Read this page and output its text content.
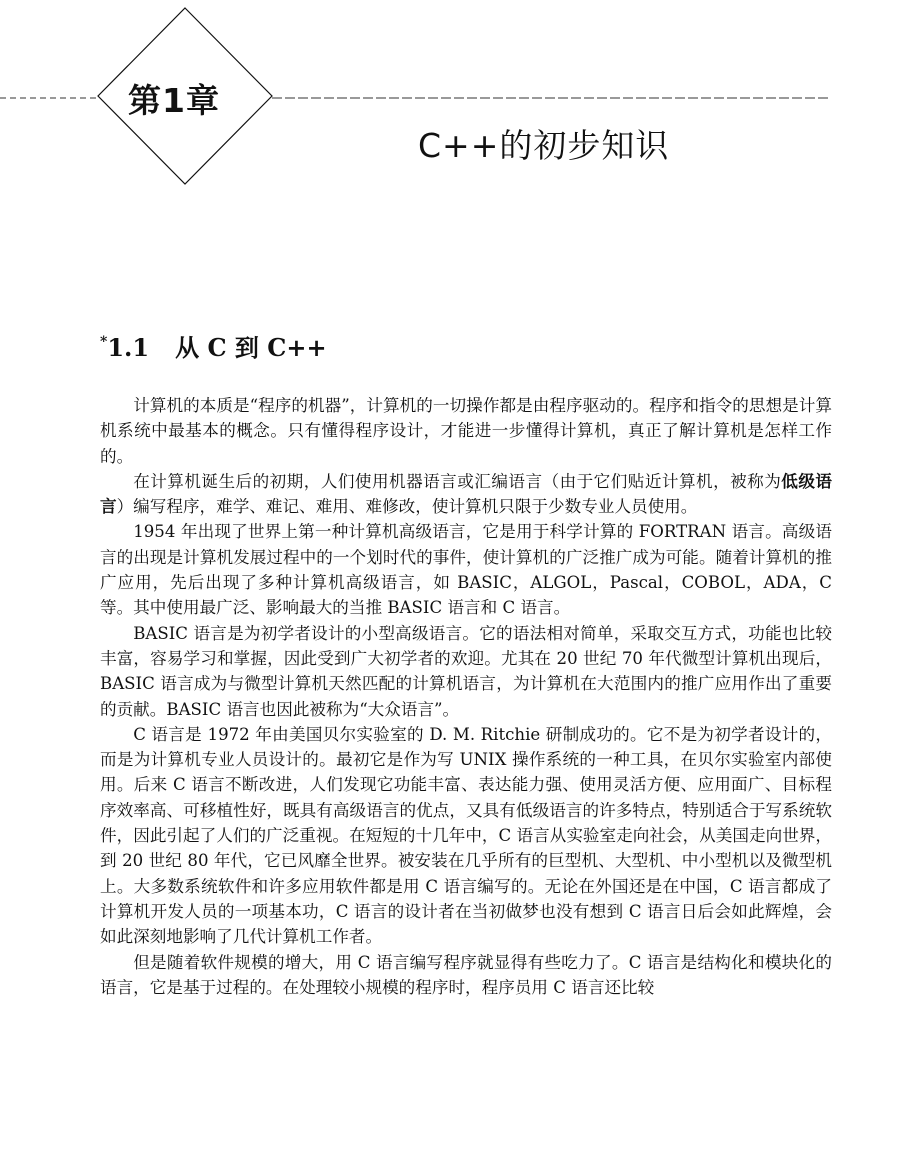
第1章
C++的初步知识
*1.1 从 C 到 C++

计算机的本质是“程序的机器”，计算机的一切操作都是由程序驱动的。程序和指令的思想是计算机系统中最基本的概念。只有懂得程序设计，才能进一步懂得计算机，真正了解计算机是怎样工作的。

在计算机诞生后的初期，人们使用机器语言或汇编语言（由于它们贴近计算机，被称为低级语言）编写程序，难学、难记、难用、难修改，使计算机只限于少数专业人员使用。

1954 年出现了世界上第一种计算机高级语言，它是用于科学计算的 FORTRAN 语言。高级语言的出现是计算机发展过程中的一个划时代的事件，使计算机的广泛推广成为可能。随着计算机的推广应用，先后出现了多种计算机高级语言，如 BASIC，ALGOL，Pascal，COBOL，ADA，C 等。其中使用最广泛、影响最大的当推 BASIC 语言和 C 语言。

BASIC 语言是为初学者设计的小型高级语言。它的语法相对简单，采取交互方式，功能也比较丰富，容易学习和掌握，因此受到广大初学者的欢迎。尤其在 20 世纪 70 年代微型计算机出现后，BASIC 语言成为与微型计算机天然匹配的计算机语言，为计算机在大范围内的推广应用作出了重要的贡献。BASIC 语言也因此被称为“大众语言”。

C 语言是 1972 年由美国贝尔实验室的 D. M. Ritchie 研制成功的。它不是为初学者设计的，而是为计算机专业人员设计的。最初它是作为写 UNIX 操作系统的一种工具，在贝尔实验室内部使用。后来 C 语言不断改进，人们发现它功能丰富、表达能力强、使用灵活方便、应用面广、目标程序效率高、可移植性好，既具有高级语言的优点，又具有低级语言的许多特点，特别适合于写系统软件，因此引起了人们的广泛重视。在短短的十几年中，C 语言从实验室走向社会，从美国走向世界，到 20 世纪 80 年代，它已风靡全世界。被安装在几乎所有的巨型机、大型机、中小型机以及微型机上。大多数系统软件和许多应用软件都是用 C 语言编写的。无论在外国还是在中国，C 语言都成了计算机开发人员的一项基本功，C 语言的设计者在当初做梦也没有想到 C 语言日后会如此辉煌，会如此深刻地影响了几代计算机工作者。

但是随着软件规模的增大，用 C 语言编写程序就显得有些吃力了。C 语言是结构化和模块化的语言，它是基于过程的。在处理较小规模的程序时，程序员用 C 语言还比较
